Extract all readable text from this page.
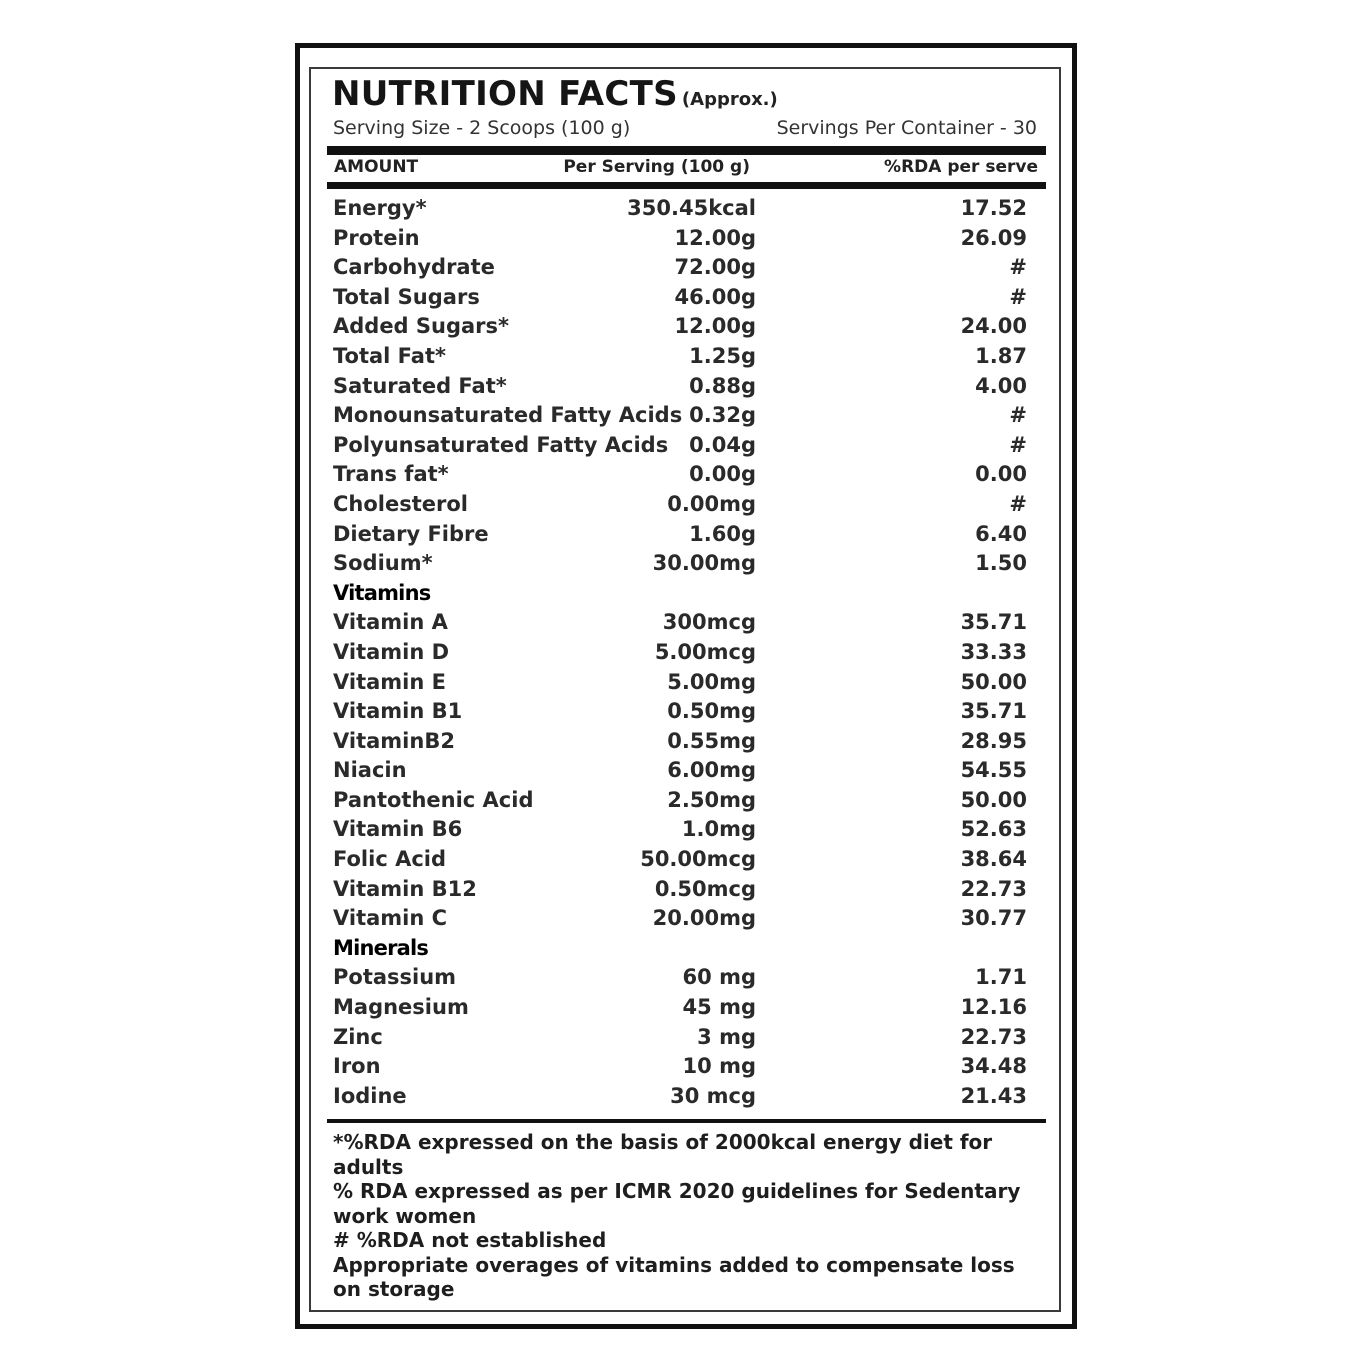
NUTRITION FACTS (Approx.)
Serving Size - 2 Scoops (100 g)	Servings Per Container - 30
AMOUNT	Per Serving (100 g)	%RDA per serve
Energy*	350.45kcal	17.52
Protein	12.00g	26.09
Carbohydrate	72.00g	#
Total Sugars	46.00g	#
Added Sugars*	12.00g	24.00
Total Fat*	1.25g	1.87
Saturated Fat*	0.88g	4.00
Monounsaturated Fatty Acids 0.32g	#
Polyunsaturated Fatty Acids 0.04g	#
Trans fat*	0.00g	0.00
Cholesterol	0.00mg	#
Dietary Fibre	1.60g	6.40
Sodium*	30.00mg	1.50
Vitamins
Vitamin A	300mcg	35.71
Vitamin D	5.00mcg	33.33
Vitamin E	5.00mg	50.00
Vitamin B1	0.50mg	35.71
VitaminB2	0.55mg	28.95
Niacin	6.00mg	54.55
Pantothenic Acid	2.50mg	50.00
Vitamin B6	1.0mg	52.63
Folic Acid	50.00mcg	38.64
Vitamin B12	0.50mcg	22.73
Vitamin C	20.00mg	30.77
Minerals
Potassium	60 mg	1.71
Magnesium	45 mg	12.16
Zinc	3 mg	22.73
Iron	10 mg	34.48
Iodine	30 mcg	21.43

*%RDA expressed on the basis of 2000kcal energy diet for adults

% RDA expressed as per ICMR 2020 guidelines for Sedentary work women

# %RDA not established

Appropriate overages of vitamins added to compensate loss on storage
